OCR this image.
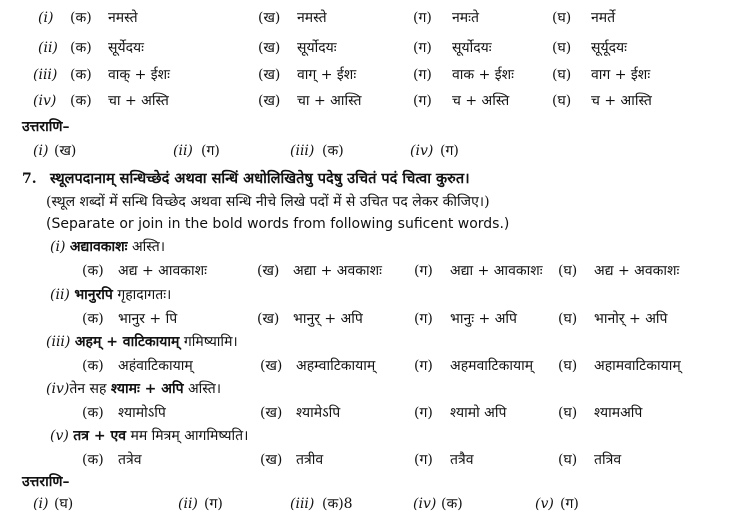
(i) (क) नमस्ते	(ख) नमस्ते	(ग) नमःते	(घ) नमर्ते
(ii) (क) सूर्येदयः	(ख) सूर्योदयः	(ग) सूर्योदयः	(घ) सूर्यूदयः
(iii) (क) वाक् + ईशः	(ख) वाग् + ईशः	(ग) वाक + ईशः	(घ) वाग + ईशः
(iv) (क) चा + अस्ति	(ख) चा + आस्ति	(ग) च + अस्ति	(घ) च + आस्ति
उत्तराणि–
(i) (ख)	(ii) (ग)	(iii) (क)	(iv) (ग)
7. स्थूलपदानाम् सन्धिच्छेदं अथवा सन्धिं अधोलिखितेषु पदेषु उचितं पदं चित्वा कुरुत।
(स्थूल शब्दों में सन्धि विच्छेद अथवा सन्धि नीचे लिखे पदों में से उचित पद लेकर कीजिए।)
(Separate or join in the bold words from following suficent words.)
(i) अद्यावकाशः अस्ति।
(क) अद्य + आवकाशः	(ख) अद्या + अवकाशः (ग) अद्या + आवकाशः (घ) अद्य + अवकाशः
(ii) भानुरपि गृहादागतः।
(क) भानुर + पि	(ख) भानुर् + अपि	(ग) भानुः + अपि	(घ) भानोर् + अपि
(iii) अहम् + वाटिकायाम् गमिष्यामि।
(क) अहंवाटिकायाम्	(ख) अहम्वाटिकायाम्	(ग) अहमवाटिकायाम् (घ) अहामवाटिकायाम्
(iv)तेन सह श्यामः + अपि अस्ति।
(क) श्यामोऽपि	(ख) श्यामेऽपि	(ग) श्यामो अपि	(घ) श्यामअपि
(v) तत्र + एव मम मित्रम् आगमिष्यति।
(क) तत्रेव	(ख) तत्रीव	(ग) तत्रैव	(घ) तत्रिव
उत्तराणि–
(i) (घ)	(ii) (ग)	(iii) (क)8	(iv) (क)	(v) (ग)
